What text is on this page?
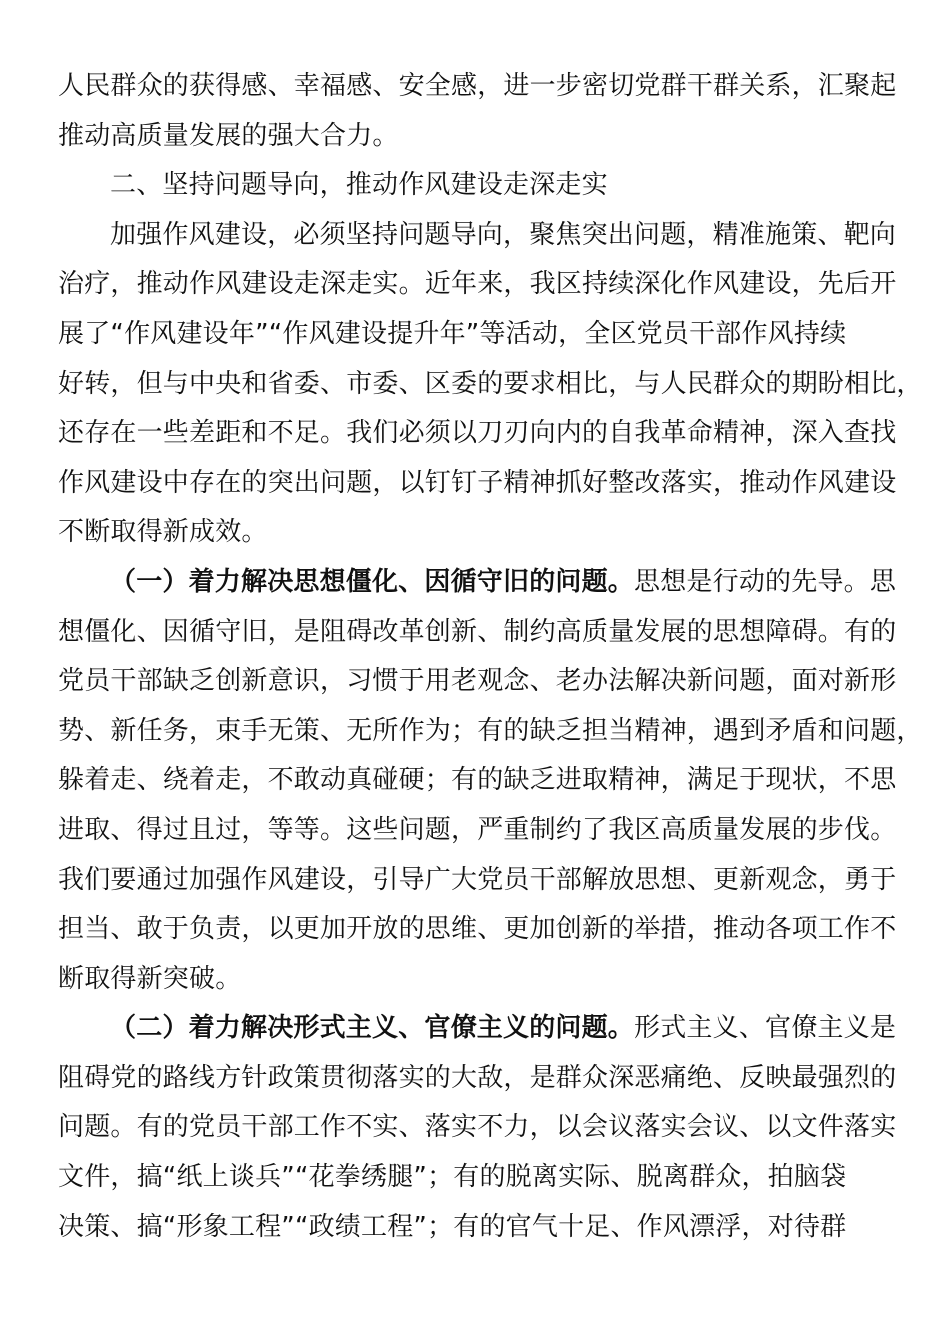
人民群众的获得感、幸福感、安全感，进一步密切党群干群关系，汇聚起
推动高质量发展的强大合力。
二、坚持问题导向，推动作风建设走深走实
加强作风建设，必须坚持问题导向，聚焦突出问题，精准施策、靶向
治疗，推动作风建设走深走实。近年来，我区持续深化作风建设，先后开
展了“作风建设年”“作风建设提升年”等活动，全区党员干部作风持续
好转，但与中央和省委、市委、区委的要求相比，与人民群众的期盼相比，
还存在一些差距和不足。我们必须以刀刃向内的自我革命精神，深入查找
作风建设中存在的突出问题，以钉钉子精神抓好整改落实，推动作风建设
不断取得新成效。
（一）着力解决思想僵化、因循守旧的问题。思想是行动的先导。思
想僵化、因循守旧，是阻碍改革创新、制约高质量发展的思想障碍。有的
党员干部缺乏创新意识，习惯于用老观念、老办法解决新问题，面对新形
势、新任务，束手无策、无所作为；有的缺乏担当精神，遇到矛盾和问题，
躲着走、绕着走，不敢动真碰硬；有的缺乏进取精神，满足于现状，不思
进取、得过且过，等等。这些问题，严重制约了我区高质量发展的步伐。
我们要通过加强作风建设，引导广大党员干部解放思想、更新观念，勇于
担当、敢于负责，以更加开放的思维、更加创新的举措，推动各项工作不
断取得新突破。
（二）着力解决形式主义、官僚主义的问题。形式主义、官僚主义是
阻碍党的路线方针政策贯彻落实的大敌，是群众深恶痛绝、反映最强烈的
问题。有的党员干部工作不实、落实不力，以会议落实会议、以文件落实
文件，搞“纸上谈兵”“花拳绣腿”；有的脱离实际、脱离群众，拍脑袋
决策、搞“形象工程”“政绩工程”；有的官气十足、作风漂浮，对待群
